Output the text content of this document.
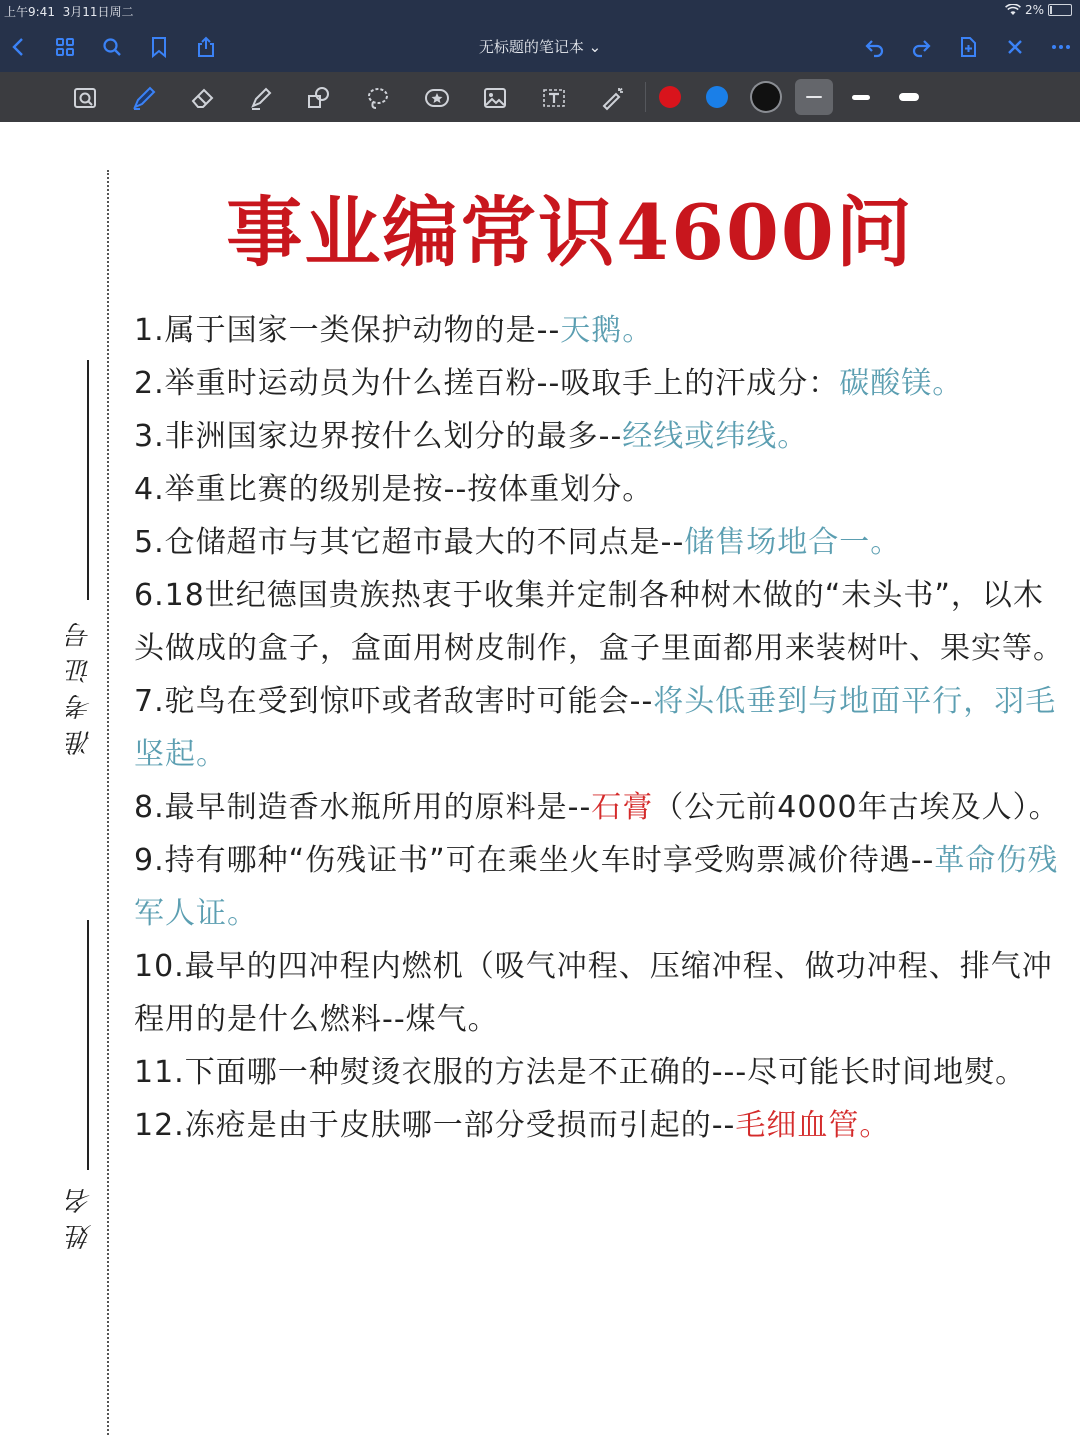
上午9:41 3月11日周二	2%
无标题的笔记本 ⌄
准考证号
姓名
事业编常识4600问

1.属于国家一类保护动物的是--天鹅。

2.举重时运动员为什么搓百粉--吸取手上的汗成分：碳酸镁。

3.非洲国家边界按什么划分的最多--经线或纬线。

4.举重比赛的级别是按--按体重划分。

5.仓储超市与其它超市最大的不同点是--储售场地合一。

6.18世纪德国贵族热衷于收集并定制各种树木做的“未头书”，以木头做成的盒子，盒面用树皮制作，盒子里面都用来装树叶、果实等。

7.驼鸟在受到惊吓或者敌害时可能会--将头低垂到与地面平行，羽毛坚起。

8.最早制造香水瓶所用的原料是--石膏（公元前4000年古埃及人）。

9.持有哪种“伤残证书”可在乘坐火车时享受购票减价待遇--革命伤残军人证。

10.最早的四冲程内燃机（吸气冲程、压缩冲程、做功冲程、排气冲程用的是什么燃料--煤气。

11.下面哪一种熨烫衣服的方法是不正确的---尽可能长时间地熨。

12.冻疮是由于皮肤哪一部分受损而引起的--毛细血管。
